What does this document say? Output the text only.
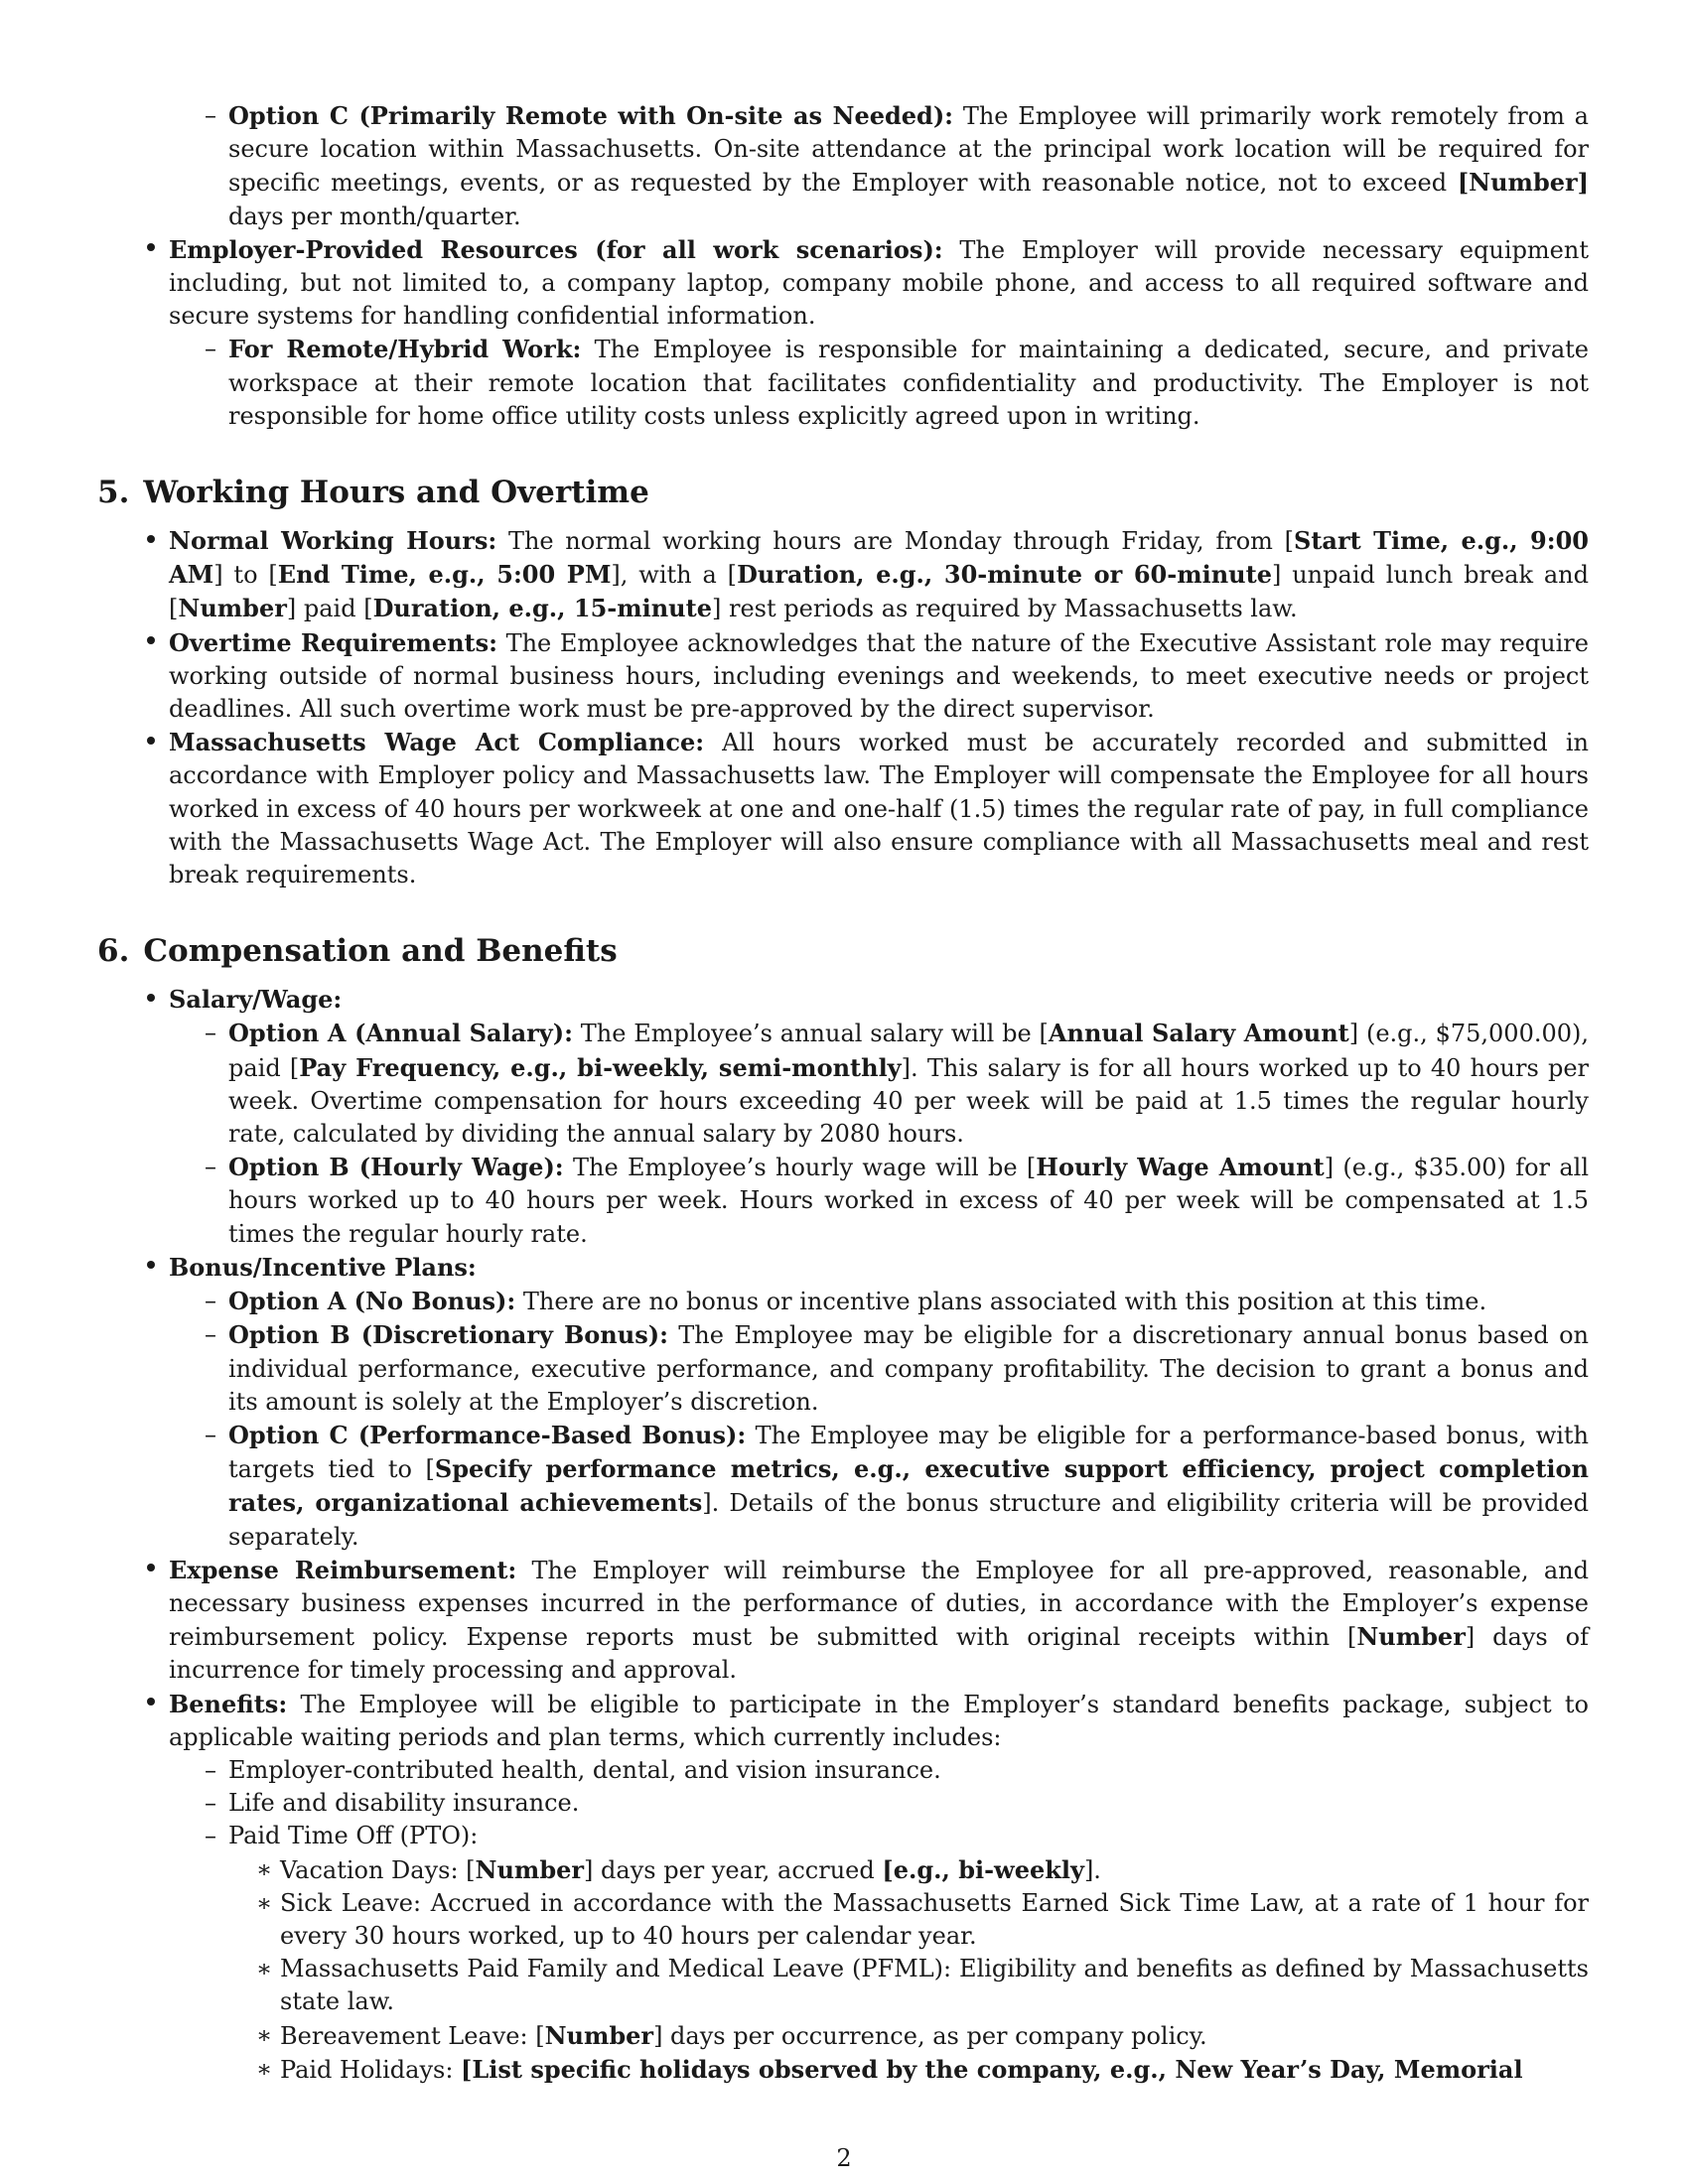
– Option C (Primarily Remote with On-site as Needed): The Employee will primarily work remotely from a secure location within Massachusetts. On-site attendance at the principal work location will be required for specific meetings, events, or as requested by the Employer with reasonable notice, not to exceed [Number] days per month/quarter.
Employer-Provided Resources (for all work scenarios): The Employer will provide necessary equipment including, but not limited to, a company laptop, company mobile phone, and access to all required software and secure systems for handling confidential information.
– For Remote/Hybrid Work: The Employee is responsible for maintaining a dedicated, secure, and private workspace at their remote location that facilitates confidentiality and productivity. The Employer is not responsible for home office utility costs unless explicitly agreed upon in writing.
5. Working Hours and Overtime
Normal Working Hours: The normal working hours are Monday through Friday, from [Start Time, e.g., 9:00 AM] to [End Time, e.g., 5:00 PM], with a [Duration, e.g., 30-minute or 60-minute] unpaid lunch break and [Number] paid [Duration, e.g., 15-minute] rest periods as required by Massachusetts law.
Overtime Requirements: The Employee acknowledges that the nature of the Executive Assistant role may require working outside of normal business hours, including evenings and weekends, to meet executive needs or project deadlines. All such overtime work must be pre-approved by the direct supervisor.
Massachusetts Wage Act Compliance: All hours worked must be accurately recorded and submitted in accordance with Employer policy and Massachusetts law. The Employer will compensate the Employee for all hours worked in excess of 40 hours per workweek at one and one-half (1.5) times the regular rate of pay, in full compliance with the Massachusetts Wage Act. The Employer will also ensure compliance with all Massachusetts meal and rest break requirements.
6. Compensation and Benefits
Salary/Wage:
– Option A (Annual Salary): The Employee’s annual salary will be [Annual Salary Amount] (e.g., $75,000.00), paid [Pay Frequency, e.g., bi-weekly, semi-monthly]. This salary is for all hours worked up to 40 hours per week. Overtime compensation for hours exceeding 40 per week will be paid at 1.5 times the regular hourly rate, calculated by dividing the annual salary by 2080 hours.
– Option B (Hourly Wage): The Employee’s hourly wage will be [Hourly Wage Amount] (e.g., $35.00) for all hours worked up to 40 hours per week. Hours worked in excess of 40 per week will be compensated at 1.5 times the regular hourly rate.
Bonus/Incentive Plans:
– Option A (No Bonus): There are no bonus or incentive plans associated with this position at this time.
– Option B (Discretionary Bonus): The Employee may be eligible for a discretionary annual bonus based on individual performance, executive performance, and company profitability. The decision to grant a bonus and its amount is solely at the Employer’s discretion.
– Option C (Performance-Based Bonus): The Employee may be eligible for a performance-based bonus, with targets tied to [Specify performance metrics, e.g., executive support efficiency, project completion rates, organizational achievements]. Details of the bonus structure and eligibility criteria will be provided separately.
Expense Reimbursement: The Employer will reimburse the Employee for all pre-approved, reasonable, and necessary business expenses incurred in the performance of duties, in accordance with the Employer’s expense reimbursement policy. Expense reports must be submitted with original receipts within [Number] days of incurrence for timely processing and approval.
Benefits: The Employee will be eligible to participate in the Employer’s standard benefits package, subject to applicable waiting periods and plan terms, which currently includes:
– Employer-contributed health, dental, and vision insurance.
– Life and disability insurance.
– Paid Time Off (PTO):
∗ Vacation Days: [Number] days per year, accrued [e.g., bi-weekly].
∗ Sick Leave: Accrued in accordance with the Massachusetts Earned Sick Time Law, at a rate of 1 hour for every 30 hours worked, up to 40 hours per calendar year.
∗ Massachusetts Paid Family and Medical Leave (PFML): Eligibility and benefits as defined by Massachusetts state law.
∗ Bereavement Leave: [Number] days per occurrence, as per company policy.
∗ Paid Holidays: [List specific holidays observed by the company, e.g., New Year’s Day, Memorial
2
